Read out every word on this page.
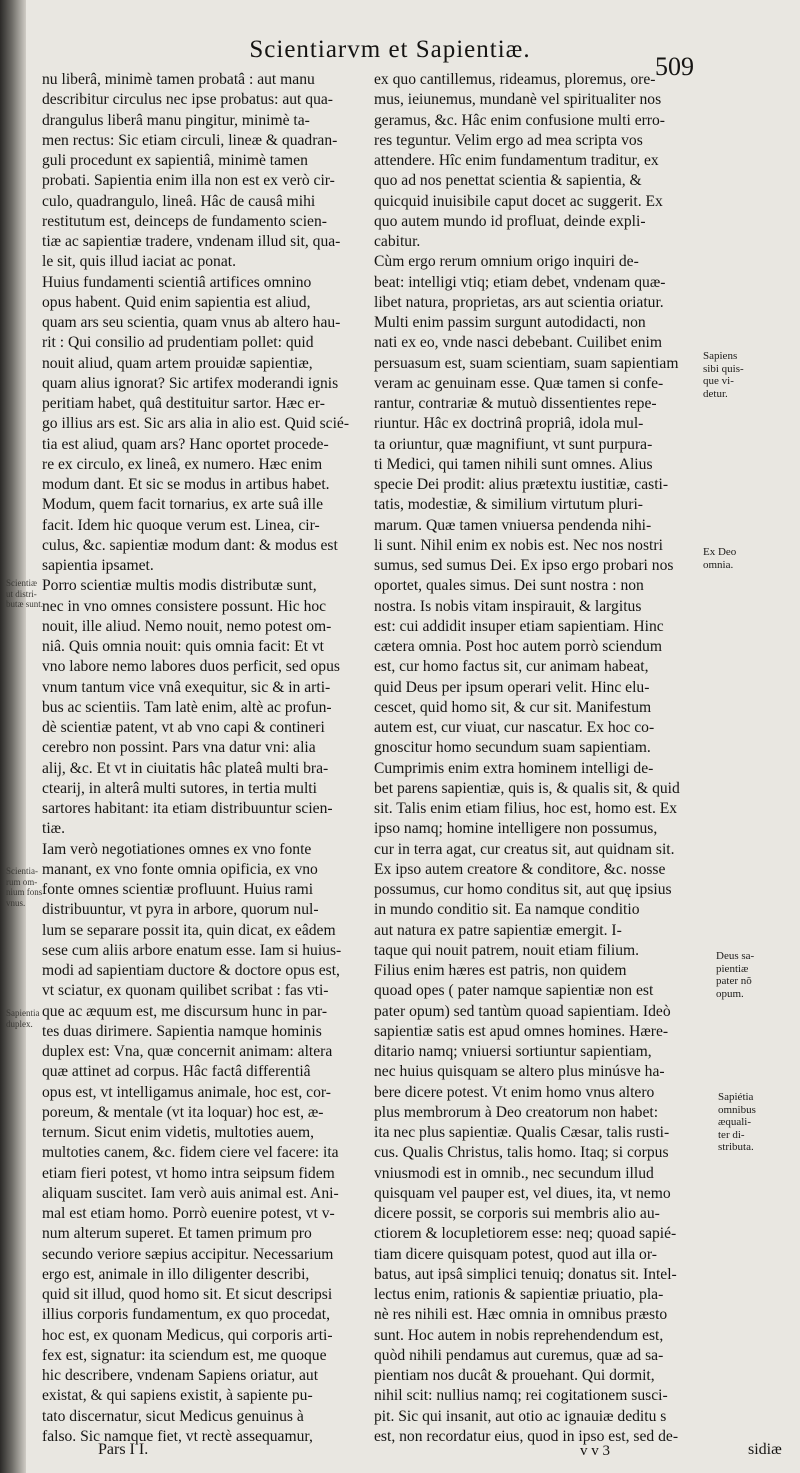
Scientiarvm et Sapientiæ.
509
nu liberâ, minimè tamen probatâ : aut manu
describitur circulus nec ipse probatus: aut qua-
drangulus liberâ manu pingitur, minimè ta-
men rectus: Sic etiam circuli, lineæ & quadran-
guli procedunt ex sapientiâ, minimè tamen
probati. Sapientia enim illa non est ex verò cir-
culo, quadrangulo, lineâ. Hâc de causâ mihi
restitutum est, deinceps de fundamento scien-
tiæ ac sapientiæ tradere, vndenam illud sit, qua-
le sit, quis illud iaciat ac ponat.
Huius fundamenti scientiâ artifices omnino
opus habent. Quid enim sapientia est aliud,
quam ars seu scientia, quam vnus ab altero hau-
rit : Qui consilio ad prudentiam pollet: quid
nouit aliud, quam artem prouidæ sapientiæ,
quam alius ignorat? Sic artifex moderandi ignis
peritiam habet, quâ destituitur sartor. Hæc er-
go illius ars est. Sic ars alia in alio est. Quid scié-
tia est aliud, quam ars? Hanc oportet procede-
re ex circulo, ex lineâ, ex numero. Hæc enim
modum dant. Et sic se modus in artibus habet.
Modum, quem facit tornarius, ex arte suâ ille
facit. Idem hic quoque verum est. Linea, cir-
culus, &c. sapientiæ modum dant: & modus est
sapientia ipsamet.
Porro scientiæ multis modis distributæ sunt,
nec in vno omnes consistere possunt. Hic hoc
nouit, ille aliud. Nemo nouit, nemo potest om-
niâ. Quis omnia nouit: quis omnia facit: Et vt
vno labore nemo labores duos perficit, sed opus
vnum tantum vice vnâ exequitur, sic & in arti-
bus ac scientiis. Tam latè enim, altè ac profun-
dè scientiæ patent, vt ab vno capi & contineri
cerebro non possint. Pars vna datur vni: alia
alij, &c. Et vt in ciuitatis hâc plateâ multi bra-
ctearij, in alterâ multi sutores, in tertia multi
sartores habitant: ita etiam distribuuntur scien-
tiæ.
Iam verò negotiationes omnes ex vno fonte
manant, ex vno fonte omnia opificia, ex vno
fonte omnes scientiæ profluunt. Huius rami
distribuuntur, vt pyra in arbore, quorum nul-
lum se separare possit ita, quin dicat, ex eâdem
sese cum aliis arbore enatum esse. Iam si huius-
modi ad sapientiam ductore & doctore opus est,
vt sciatur, ex quonam quilibet scribat : fas vti-
que ac æquum est, me discursum hunc in par-
tes duas dirimere. Sapientia namque hominis
duplex est: Vna, quæ concernit animam: altera
quæ attinet ad corpus. Hâc factâ differentiâ
opus est, vt intelligamus animale, hoc est, cor-
poreum, & mentale (vt ita loquar) hoc est, æ-
ternum. Sicut enim videtis, multoties auem,
multoties canem, &c. fidem ciere vel facere: ita
etiam fieri potest, vt homo intra seipsum fidem
aliquam suscitet. Iam verò auis animal est. Ani-
mal est etiam homo. Porrò euenire potest, vt v-
num alterum superet. Et tamen primum pro
secundo veriore sæpius accipitur. Necessarium
ergo est, animale in illo diligenter describi,
quid sit illud, quod homo sit. Et sicut descripsi
illius corporis fundamentum, ex quo procedat,
hoc est, ex quonam Medicus, qui corporis arti-
fex est, signatur: ita sciendum est, me quoque
hic describere, vndenam Sapiens oriatur, aut
existat, & qui sapiens existit, à sapiente pu-
tato discernatur, sicut Medicus genuinus à
falso. Sic namque fiet, vt rectè assequamur,
ex quo cantillemus, rideamus, ploremus, ore-
mus, ieiunemus, mundanè vel spiritualiter nos
geramus, &c. Hâc enim confusione multi erro-
res teguntur. Velim ergo ad mea scripta vos
attendere. Hîc enim fundamentum traditur, ex
quo ad nos penettat scientia & sapientia, &
quicquid inuisibile caput docet ac suggerit. Ex
quo autem mundo id profluat, deinde expli-
cabitur.
Cùm ergo rerum omnium origo inquiri de-
beat: intelligi vtiq; etiam debet, vndenam quæ-
libet natura, proprietas, ars aut scientia oriatur.
Multi enim passim surgunt autodidacti, non
nati ex eo, vnde nasci debebant. Cuilibet enim
persuasum est, suam scientiam, suam sapientiam
veram ac genuinam esse. Quæ tamen si confe-
rantur, contrariæ & mutuò dissentientes repe-
riuntur. Hâc ex doctrinâ propriâ, idola mul-
ta oriuntur, quæ magnifiunt, vt sunt purpura-
ti Medici, qui tamen nihili sunt omnes. Alius
specie Dei prodit: alius prætextu iustitiæ, casti-
tatis, modestiæ, & similium virtutum pluri-
marum. Quæ tamen vniuersa pendenda nihi-
li sunt. Nihil enim ex nobis est. Nec nos nostri
sumus, sed sumus Dei. Ex ipso ergo probari nos
oportet, quales simus. Dei sunt nostra : non
nostra. Is nobis vitam inspirauit, & largitus
est: cui addidit insuper etiam sapientiam. Hinc
cætera omnia. Post hoc autem porrò sciendum
est, cur homo factus sit, cur animam habeat,
quid Deus per ipsum operari velit. Hinc elu-
cescet, quid homo sit, & cur sit. Manifestum
autem est, cur viuat, cur nascatur. Ex hoc co-
gnoscitur homo secundum suam sapientiam.
Cumprimis enim extra hominem intelligi de-
bet parens sapientiæ, quis is, & qualis sit, & quid
sit. Talis enim etiam filius, hoc est, homo est. Ex
ipso namq; homine intelligere non possumus,
cur in terra agat, cur creatus sit, aut quidnam sit.
Ex ipso autem creatore & conditore, &c. nosse
possumus, cur homo conditus sit, aut quę ipsius
in mundo conditio sit. Ea namque conditio
aut natura ex patre sapientiæ emergit. I-
taque qui nouit patrem, nouit etiam filium.
Filius enim hæres est patris, non quidem
quoad opes ( pater namque sapientiæ non est
pater opum) sed tantùm quoad sapientiam. Ideò
sapientiæ satis est apud omnes homines. Hære-
ditario namq; vniuersi sortiuntur sapientiam,
nec huius quisquam se altero plus minúsve ha-
bere dicere potest. Vt enim homo vnus altero
plus membrorum à Deo creatorum non habet:
ita nec plus sapientiæ. Qualis Cæsar, talis rusti-
cus. Qualis Christus, talis homo. Itaq; si corpus
vniusmodi est in omnib., nec secundum illud
quisquam vel pauper est, vel diues, ita, vt nemo
dicere possit, se corporis sui membris alio au-
ctiorem & locupletiorem esse: neq; quoad sapié-
tiam dicere quisquam potest, quod aut illa or-
batus, aut ipsâ simplici tenuiq; donatus sit. Intel-
lectus enim, rationis & sapientiæ priuatio, pla-
nè res nihili est. Hæc omnia in omnibus præsto
sunt. Hoc autem in nobis reprehendendum est,
quòd nihili pendamus aut curemus, quæ ad sa-
pientiam nos ducât & prouehant. Qui dormit,
nihil scit: nullius namq; rei cogitationem susci-
pit. Sic qui insanit, aut otio ac ignauiæ deditu s
est, non recordatur eius, quod in ipso est, sed de-
Sapiens
sibi quis-
que vi-
detur.
Ex Deo
omnia.
Deus sa-
pientiæ
pater nõ
opum.
Sapiétia
omnibus
æquali-
ter di-
stributa.
Scientiæ
ut distri-
butæ sunt.
Scientia-
rum om-
nium fons
vnus.
Sapientia
duplex.
Pars I I.	v v 3	sidiæ
